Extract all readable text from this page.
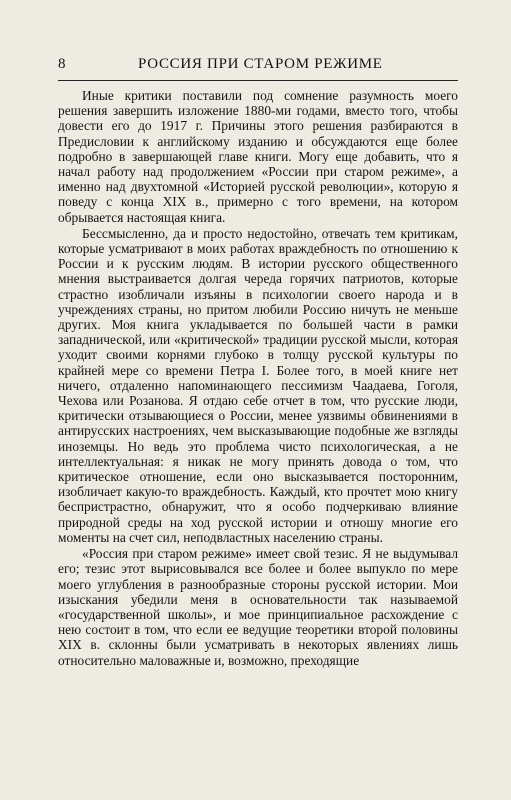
8	РОССИЯ ПРИ СТАРОМ РЕЖИМЕ

Иные критики поставили под сомнение разумность моего решения завершить изложение 1880-ми годами, вместо того, чтобы довести его до 1917 г. Причины этого решения разбираются в Предисловии к английскому изданию и обсуждаются еще более подробно в завершающей главе книги. Могу еще добавить, что я начал работу над продолжением «России при старом режиме», а именно над двухтомной «Историей русской революции», которую я поведу с конца XIX в., примерно с того времени, на котором обрывается настоящая книга.

Бессмысленно, да и просто недостойно, отвечать тем критикам, которые усматривают в моих работах враждебность по отношению к России и к русским людям. В истории русского общественного мнения выстраивается долгая череда горячих патриотов, которые страстно изобличали изъяны в психологии своего народа и в учреждениях страны, но притом любили Россию ничуть не меньше других. Моя книга укладывается по большей части в рамки западнической, или «критической» традиции русской мысли, которая уходит своими корнями глубоко в толщу русской культуры по крайней мере со времени Петра I. Более того, в моей книге нет ничего, отдаленно напоминающего пессимизм Чаадаева, Гоголя, Чехова или Розанова. Я отдаю себе отчет в том, что русские люди, критически отзывающиеся о России, менее уязвимы обвинениями в антирусских настроениях, чем высказывающие подобные же взгляды иноземцы. Но ведь это проблема чисто психологическая, а не интеллектуальная: я никак не могу принять довода о том, что критическое отношение, если оно высказывается посторонним, изобличает какую-то враждебность. Каждый, кто прочтет мою книгу беспристрастно, обнаружит, что я особо подчеркиваю влияние природной среды на ход русской истории и отношу многие его моменты на счет сил, неподвластных населению страны.

«Россия при старом режиме» имеет свой тезис. Я не выдумывал его; тезис этот вырисовывался все более и более выпукло по мере моего углубления в разнообразные стороны русской истории. Мои изыскания убедили меня в основательности так называемой «государственной школы», и мое принципиальное расхождение с нею состоит в том, что если ее ведущие теоретики второй половины XIX в. склонны были усматривать в некоторых явлениях лишь относительно маловажные и, возможно, преходящие
